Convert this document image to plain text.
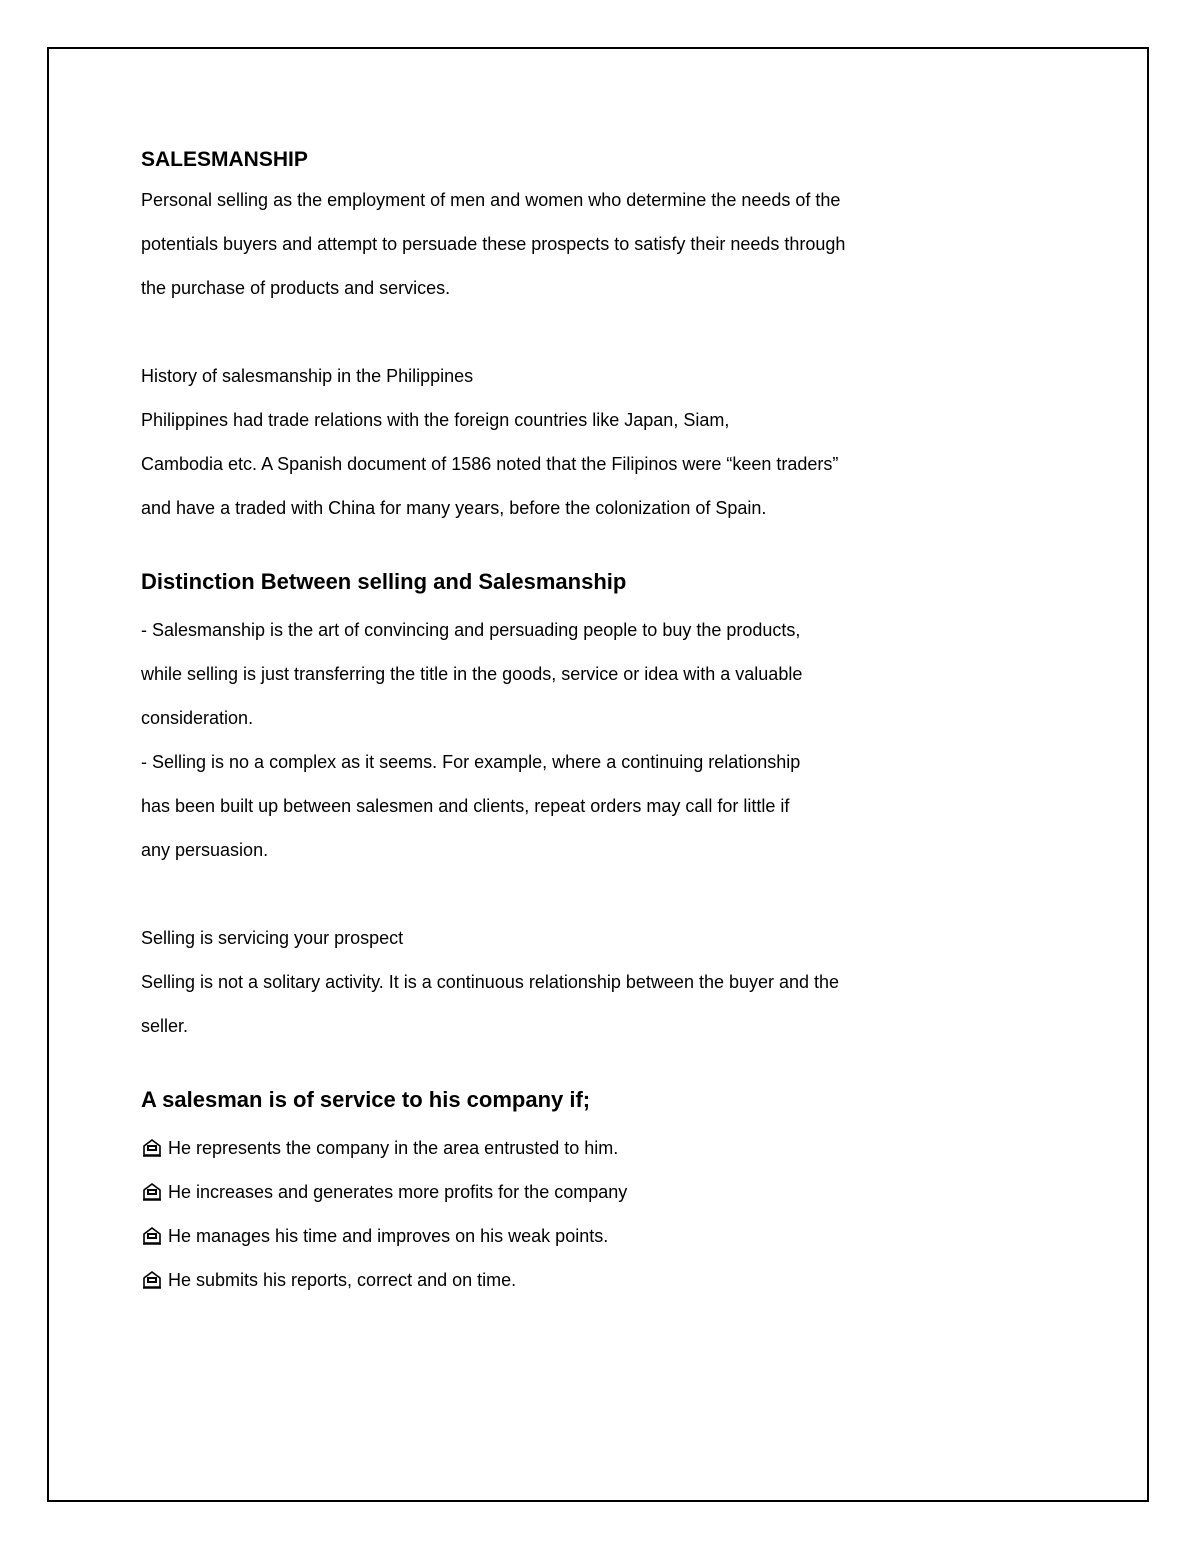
SALESMANSHIP
Personal selling as the employment of men and women who determine the needs of the
potentials buyers and attempt to persuade these prospects to satisfy their needs through
the purchase of products and services.
History of salesmanship in the Philippines
Philippines had trade relations with the foreign countries like Japan, Siam,
Cambodia etc. A Spanish document of 1586 noted that the Filipinos were “keen traders”
and have a traded with China for many years, before the colonization of Spain.
Distinction Between selling and Salesmanship
- Salesmanship is the art of convincing and persuading people to buy the products,
while selling is just transferring the title in the goods, service or idea with a valuable
consideration.
- Selling is no a complex as it seems. For example, where a continuing relationship
has been built up between salesmen and clients, repeat orders may call for little if
any persuasion.
Selling is servicing your prospect
Selling is not a solitary activity. It is a continuous relationship between the buyer and the
seller.
A salesman is of service to his company if;
He represents the company in the area entrusted to him.
He increases and generates more profits for the company
He manages his time and improves on his weak points.
He submits his reports, correct and on time.
